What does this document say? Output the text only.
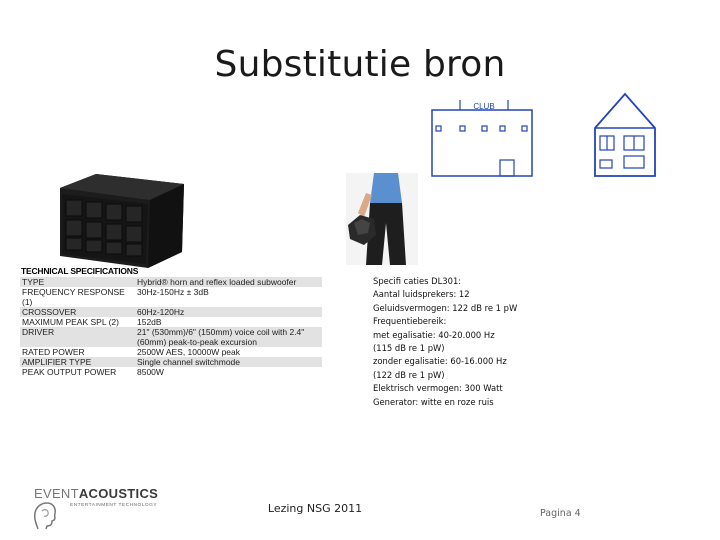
Substitutie bron
TECHNICAL SPECIFICATIONS
TYPE	Hybrid® horn and reflex loaded subwoofer
FREQUENCY RESPONSE (1)	30Hz-150Hz ± 3dB
CROSSOVER	60Hz-120Hz
MAXIMUM PEAK SPL (2)	152dB
DRIVER	21" (530mm)/6" (150mm) voice coil with 2.4"
	(60mm) peak-to-peak excursion
RATED POWER	2500W AES, 10000W peak
AMPLIFIER TYPE	Single channel switchmode
PEAK OUTPUT POWER	8500W
CLUB
Specifi caties DL301:
Aantal luidsprekers: 12
Geluidsvermogen: 122 dB re 1 pW
Frequentiebereik:
met egalisatie: 40-20.000 Hz
(115 dB re 1 pW)
zonder egalisatie: 60-16.000 Hz
(122 dB re 1 pW)
Elektrisch vermogen: 300 Watt
Generator: witte en roze ruis
EVENTACOUSTICS
ENTERTAINMENT TECHNOLOGY	Lezing NSG 2011	Pagina 4
